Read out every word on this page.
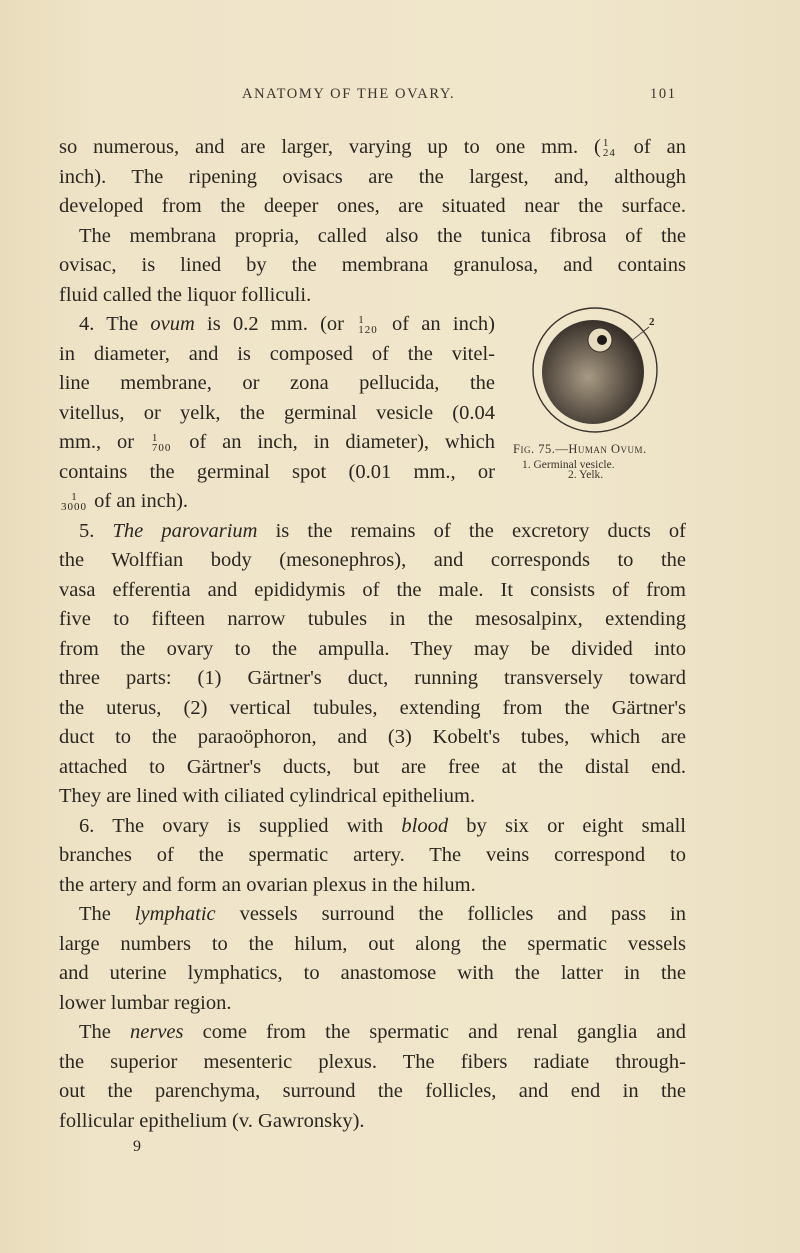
ANATOMY OF THE OVARY.	101
so numerous, and are larger, varying up to one mm. ( 1
24 of an
inch). The ripening ovisacs are the largest, and, although
developed from the deeper ones, are situated near the surface.
The membrana propria, called also the tunica fibrosa of the
ovisac, is lined by the membrana granulosa, and contains
fluid called the liquor folliculi.
4. The ovum is 0.2 mm. (or 1
120 of an inch)
in diameter, and is composed of the vitel-
line membrane, or zona pellucida, the
vitellus, or yelk, the germinal vesicle (0.04
mm., or 1
700 of an inch, in diameter), which
contains the germinal spot (0.01 mm., or
1
3000 of an inch).
5. The parovarium is the remains of the excretory ducts of
the Wolffian body (mesonephros), and corresponds to the
vasa efferentia and epididymis of the male. It consists of from
five to fifteen narrow tubules in the mesosalpinx, extending
from the ovary to the ampulla. They may be divided into
three parts: (1) Gärtner's duct, running transversely toward
the uterus, (2) vertical tubules, extending from the Gärtner's
duct to the paraoöphoron, and (3) Kobelt's tubes, which are
attached to Gärtner's ducts, but are free at the distal end.
They are lined with ciliated cylindrical epithelium.
6. The ovary is supplied with blood by six or eight small
branches of the spermatic artery. The veins correspond to
the artery and form an ovarian plexus in the hilum.
The lymphatic vessels surround the follicles and pass in
large numbers to the hilum, out along the spermatic vessels
and uterine lymphatics, to anastomose with the latter in the
lower lumbar region.
The nerves come from the spermatic and renal ganglia and
the superior mesenteric plexus. The fibers radiate through-
out the parenchyma, surround the follicles, and end in the
follicular epithelium (v. Gawronsky).
2
Fig. 75.—Human Ovum.
1. Germinal vesicle.
2. Yelk.
9
